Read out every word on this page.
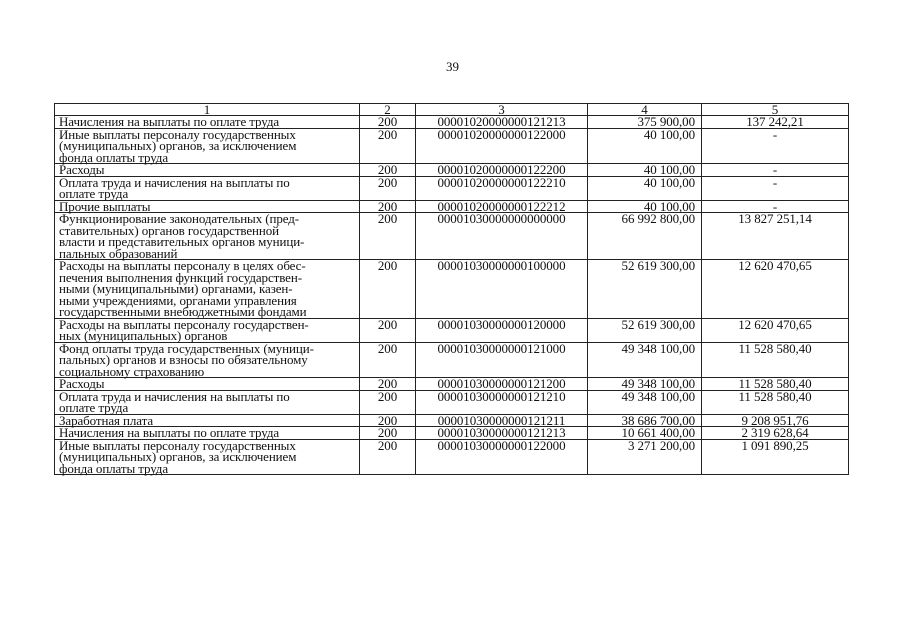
39
1	2	3	4	5

Начисления на выплаты по оплате труда	200	00001020000000121213	375 900,00	137 242,21

Иные выплаты персоналу государственных
(муниципальных) органов, за исключением
фонда оплаты труда	200	00001020000000122000	40 100,00	-

Расходы	200	00001020000000122200	40 100,00	-

Оплата труда и начисления на выплаты по
оплате труда	200	00001020000000122210	40 100,00	-

Прочие выплаты	200	00001020000000122212	40 100,00	-

Функционирование законодательных (пред-
ставительных) органов государственной
власти и представительных органов муници-
пальных образований	200	00001030000000000000	66 992 800,00	13 827 251,14

Расходы на выплаты персоналу в целях обес-
печения выполнения функций государствен-
ными (муниципальными) органами, казен-
ными учреждениями, органами управления
государственными внебюджетными фондами	200	00001030000000100000	52 619 300,00	12 620 470,65

Расходы на выплаты персоналу государствен-
ных (муниципальных) органов	200	00001030000000120000	52 619 300,00	12 620 470,65

Фонд оплаты труда государственных (муници-
пальных) органов и взносы по обязательному
социальному страхованию	200	00001030000000121000	49 348 100,00	11 528 580,40

Расходы	200	00001030000000121200	49 348 100,00	11 528 580,40

Оплата труда и начисления на выплаты по
оплате труда	200	00001030000000121210	49 348 100,00	11 528 580,40

Заработная плата	200	00001030000000121211	38 686 700,00	9 208 951,76

Начисления на выплаты по оплате труда	200	00001030000000121213	10 661 400,00	2 319 628,64

Иные выплаты персоналу государственных
(муниципальных) органов, за исключением
фонда оплаты труда	200	00001030000000122000	3 271 200,00	1 091 890,25
